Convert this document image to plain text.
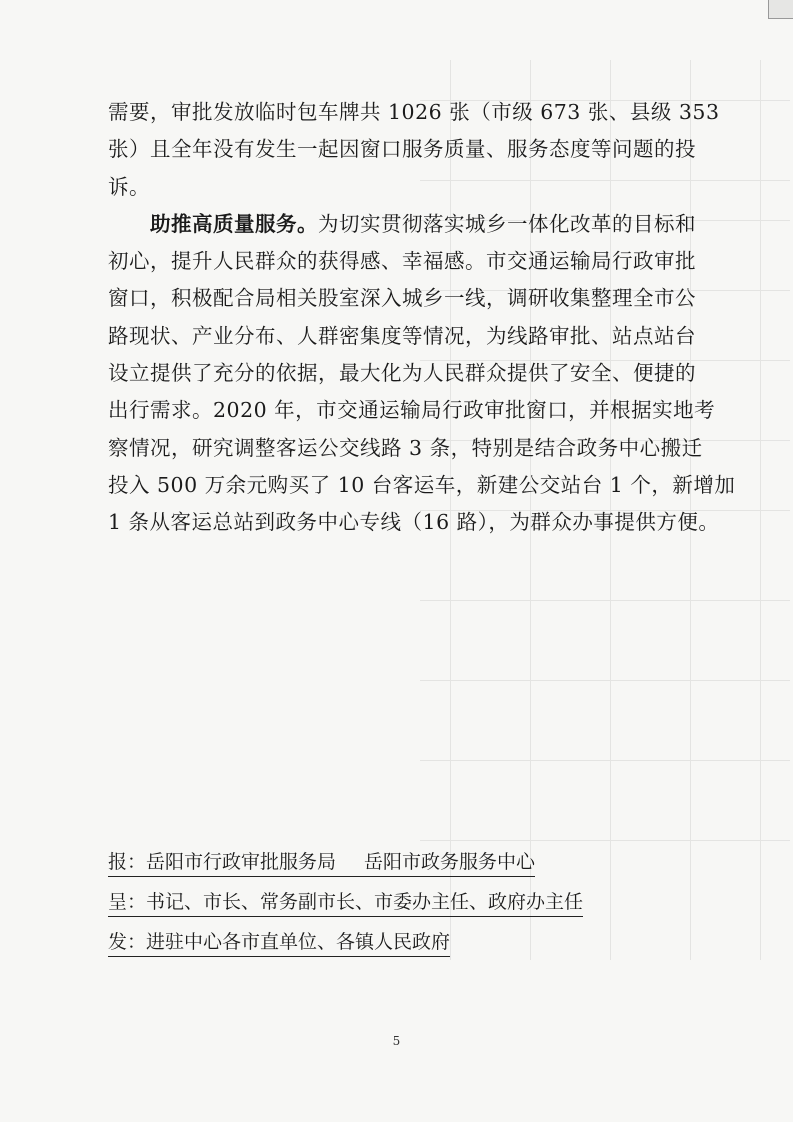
需要，审批发放临时包车牌共 1026 张（市级 673 张、县级 353
张）且全年没有发生一起因窗口服务质量、服务态度等问题的投
诉。
助推高质量服务。为切实贯彻落实城乡一体化改革的目标和
初心，提升人民群众的获得感、幸福感。市交通运输局行政审批
窗口，积极配合局相关股室深入城乡一线，调研收集整理全市公
路现状、产业分布、人群密集度等情况，为线路审批、站点站台
设立提供了充分的依据，最大化为人民群众提供了安全、便捷的
出行需求。2020 年，市交通运输局行政审批窗口，并根据实地考
察情况，研究调整客运公交线路 3 条，特别是结合政务中心搬迁
投入 500 万余元购买了 10 台客运车，新建公交站台 1 个，新增加
1 条从客运总站到政务中心专线（16 路），为群众办事提供方便。
报：岳阳市行政审批服务局 岳阳市政务服务中心
呈：书记、市长、常务副市长、市委办主任、政府办主任
发：进驻中心各市直单位、各镇人民政府
5
